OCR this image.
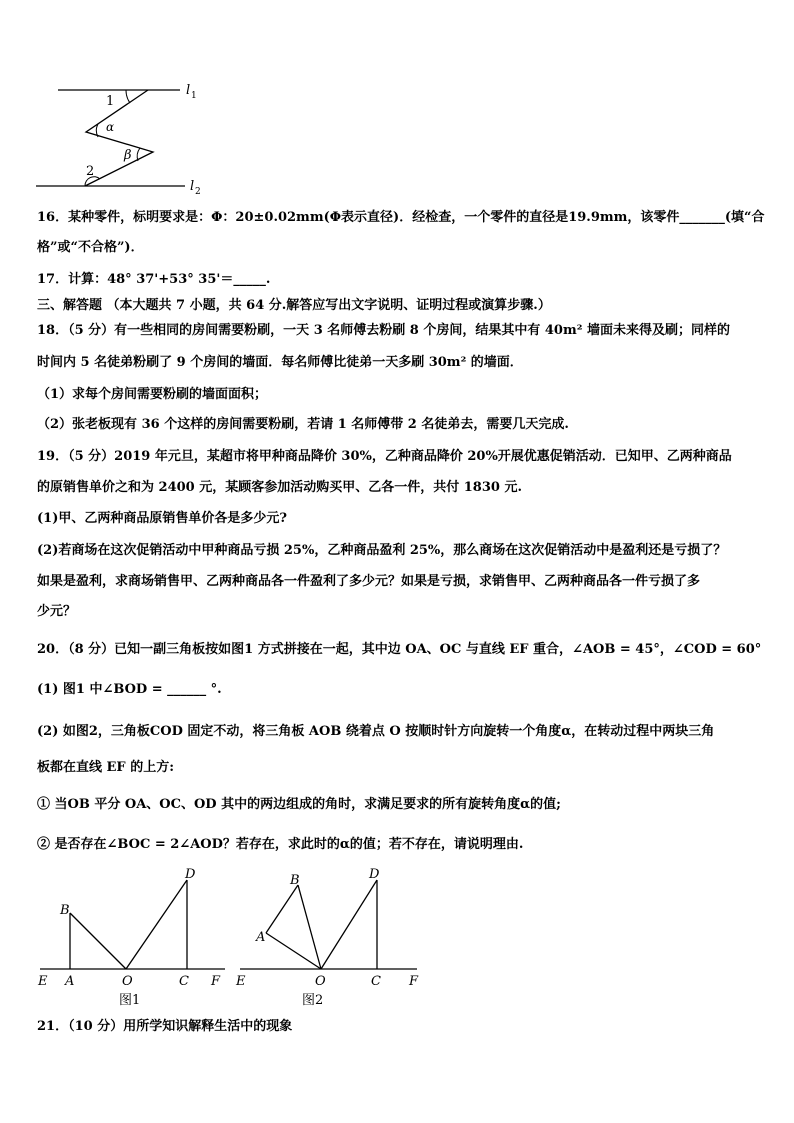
l 1
l 2
1
α
β
2
16．某种零件，标明要求是：Φ：20±0.02mm(Φ表示直径)．经检查，一个零件的直径是19.9mm，该零件_______(填“合
格”或“不合格”)．
17．计算：48° 37'+53° 35'＝_____.
三、解答题 （本大题共 7 小题，共 64 分.解答应写出文字说明、证明过程或演算步骤.）
18．（5 分）有一些相同的房间需要粉刷，一天 3 名师傅去粉刷 8 个房间，结果其中有 40m² 墙面未来得及刷；同样的
时间内 5 名徒弟粉刷了 9 个房间的墙面．每名师傅比徒弟一天多刷 30m² 的墙面．
（1）求每个房间需要粉刷的墙面面积；
（2）张老板现有 36 个这样的房间需要粉刷，若请 1 名师傅带 2 名徒弟去，需要几天完成.
19．（5 分）2019 年元旦，某超市将甲种商品降价 30%，乙种商品降价 20%开展优惠促销活动．已知甲、乙两种商品
的原销售单价之和为 2400 元，某顾客参加活动购买甲、乙各一件，共付 1830 元.
(1)甲、乙两种商品原销售单价各是多少元?
(2)若商场在这次促销活动中甲种商品亏损 25%，乙种商品盈利 25%，那么商场在这次促销活动中是盈利还是亏损了？
如果是盈利，求商场销售甲、乙两种商品各一件盈利了多少元？如果是亏损，求销售甲、乙两种商品各一件亏损了多
少元？
20．（8 分）已知一副三角板按如图1 方式拼接在一起，其中边 OA、OC 与直线 EF 重合，∠AOB = 45°，∠COD = 60°
(1) 图1 中∠BOD = ______ °.
(2) 如图2，三角板COD 固定不动，将三角板 AOB 绕着点 O 按顺时针方向旋转一个角度α，在转动过程中两块三角
板都在直线 EF 的上方:
① 当OB 平分 OA、OC、OD 其中的两边组成的角时，求满足要求的所有旋转角度α的值;
② 是否存在∠BOC = 2∠AOD？若存在，求此时的α的值；若不存在，请说明理由.
B
D
E A	O	C F
图1
B	D
A
E	O	C F
图2
21．（10 分）用所学知识解释生活中的现象
